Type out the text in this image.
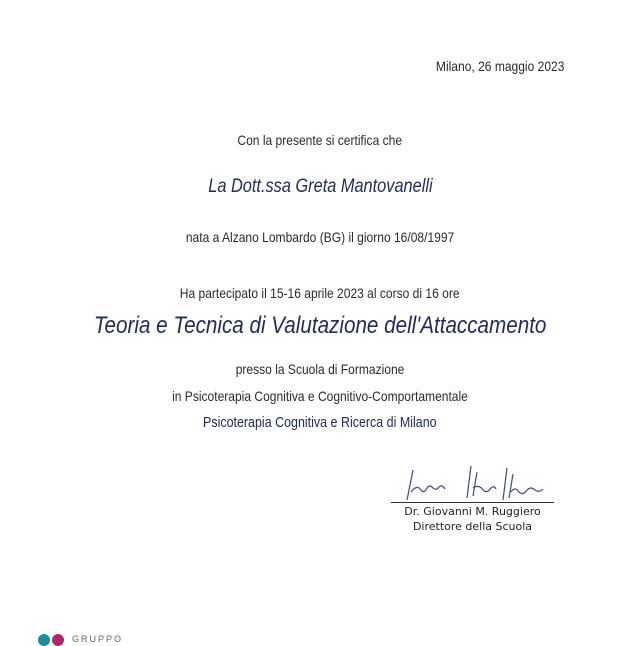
Milano, 26 maggio 2023
Con la presente si certifica che
La Dott.ssa Greta Mantovanelli
nata a Alzano Lombardo (BG) il giorno 16/08/1997
Ha partecipato il 15-16 aprile 2023 al corso di 16 ore
Teoria e Tecnica di Valutazione dell'Attaccamento
presso la Scuola di Formazione
in Psicoterapia Cognitiva e Cognitivo-Comportamentale
Psicoterapia Cognitiva e Ricerca di Milano
Dr. Giovanni M. Ruggiero
Direttore della Scuola
GRUPPO
